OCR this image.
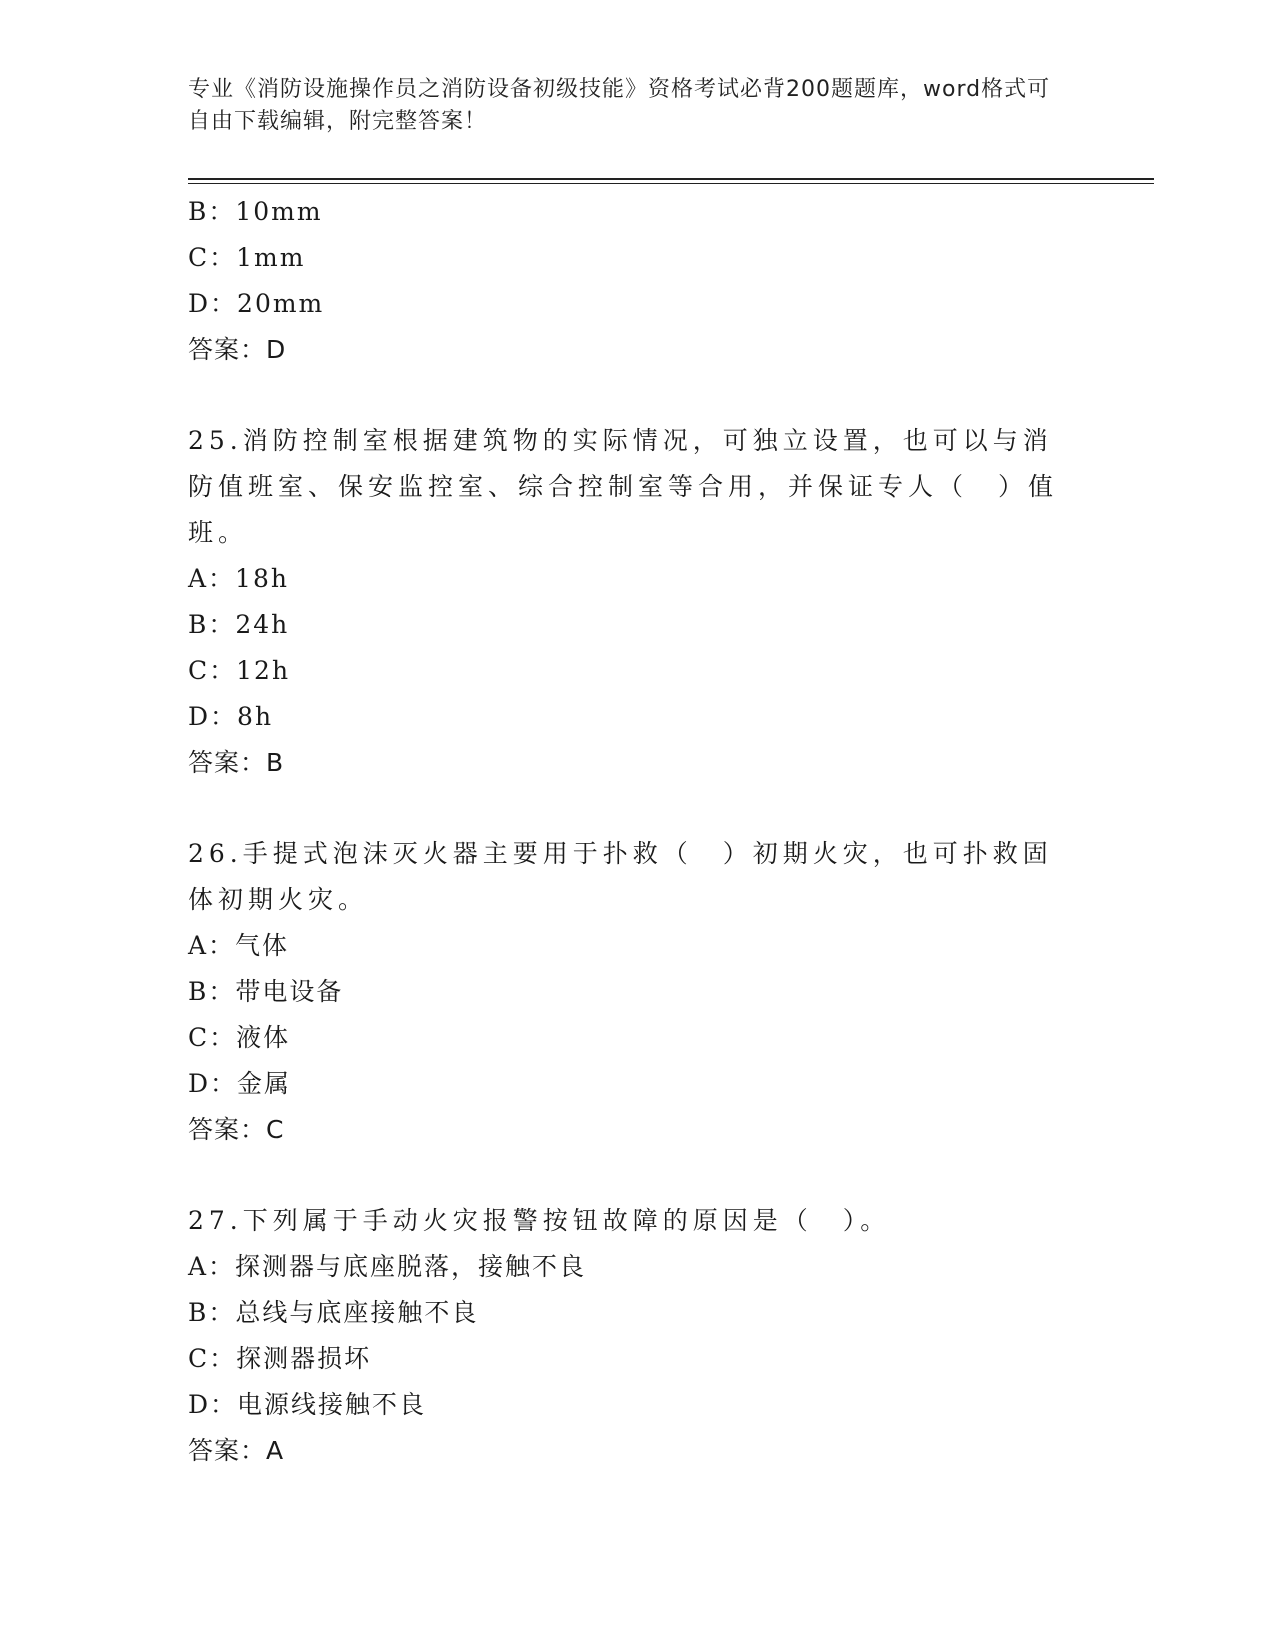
专业《消防设施操作员之消防设备初级技能》资格考试必背200题题库，word格式可自由下载编辑，附完整答案！
B：10mm
C：1mm
D：20mm
答案：D
25.消防控制室根据建筑物的实际情况，可独立设置，也可以与消防值班室、保安监控室、综合控制室等合用，并保证专人（　）值班。
A：18h
B：24h
C：12h
D：8h
答案：B
26.手提式泡沫灭火器主要用于扑救（　）初期火灾，也可扑救固体初期火灾。
A：气体
B：带电设备
C：液体
D：金属
答案：C
27.下列属于手动火灾报警按钮故障的原因是（　）。
A：探测器与底座脱落，接触不良
B：总线与底座接触不良
C：探测器损坏
D：电源线接触不良
答案：A
